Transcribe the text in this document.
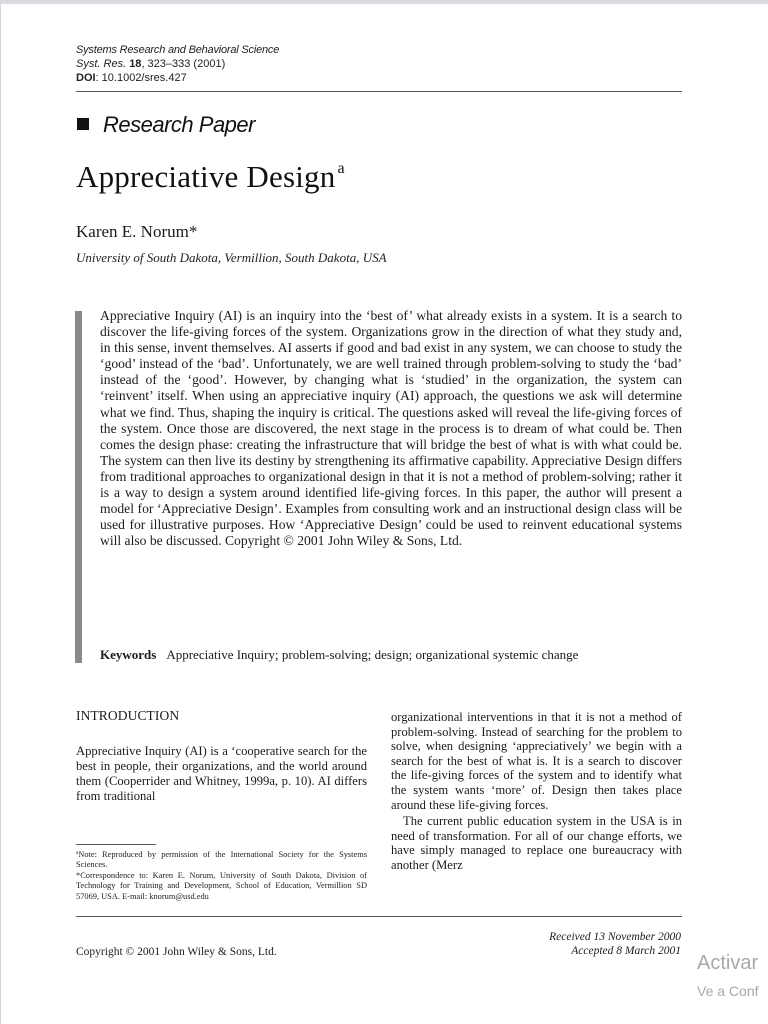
Systems Research and Behavioral Science
Syst. Res. 18, 323–333 (2001)
DOI: 10.1002/sres.427
Research Paper
Appreciative Design $^a$
Karen E. Norum*
University of South Dakota, Vermillion, South Dakota, USA
Appreciative Inquiry (AI) is an inquiry into the ‘best of’ what already exists in a system. It is a search to discover the life-giving forces of the system. Organizations grow in the direction of what they study and, in this sense, invent themselves. AI asserts if good and bad exist in any system, we can choose to study the ‘good’ instead of the ‘bad’. Unfortunately, we are well trained through problem-solving to study the ‘bad’ instead of the ‘good’. However, by changing what is ‘studied’ in the organization, the system can ‘reinvent’ itself. When using an appreciative inquiry (AI) approach, the questions we ask will determine what we find. Thus, shaping the inquiry is critical. The questions asked will reveal the life-giving forces of the system. Once those are discovered, the next stage in the process is to dream of what could be. Then comes the design phase: creating the infrastructure that will bridge the best of what is with what could be. The system can then live its destiny by strengthening its affirmative capability. Appreciative Design differs from traditional approaches to organizational design in that it is not a method of problem-solving; rather it is a way to design a system around identified life-giving forces. In this paper, the author will present a model for ‘Appreciative Design’. Examples from consulting work and an instructional design class will be used for illustrative purposes. How ‘Appreciative Design’ could be used to reinvent educational systems will also be discussed. Copyright © 2001 John Wiley & Sons, Ltd.
Keywords Appreciative Inquiry; problem-solving; design; organizational systemic change
INTRODUCTION
Appreciative Inquiry (AI) is a ‘cooperative search for the best in people, their organizations, and the world around them (Cooperrider and Whitney, 1999a, p. 10). AI differs from traditional
organizational interventions in that it is not a method of problem-solving. Instead of searching for the problem to solve, when designing ‘appreciatively’ we begin with a search for the best of what is. It is a search to discover the life-giving forces of the system and to identify what the system wants ‘more’ of. Design then takes place around these life-giving forces.
The current public education system in the USA is in need of transformation. For all of our change efforts, we have simply managed to replace one bureaucracy with another (Merz
ªNote: Reproduced by permission of the International Society for the Systems Sciences.
*Correspondence to: Karen E. Norum, University of South Dakota, Division of Technology for Training and Development, School of Education, Vermillion SD 57069, USA. E-mail: knorum@usd.edu
Copyright © 2001 John Wiley & Sons, Ltd.
Received 13 November 2000
Accepted 8 March 2001
Activar
Ve a Conf
